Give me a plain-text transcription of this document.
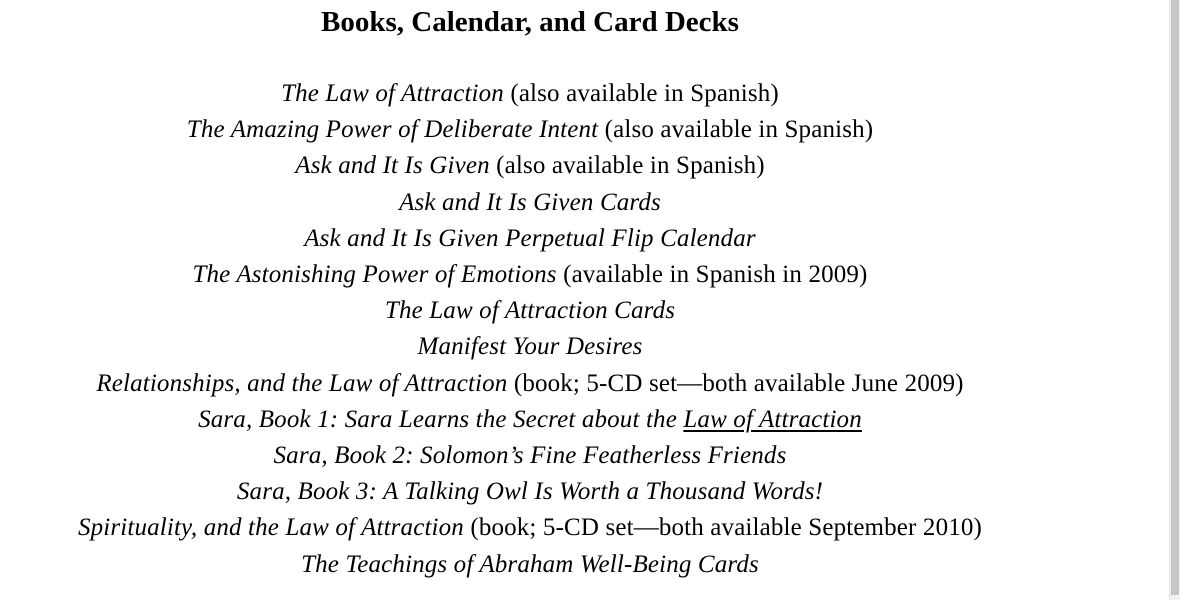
Books, Calendar, and Card Decks
The Law of Attraction (also available in Spanish)
The Amazing Power of Deliberate Intent (also available in Spanish)
Ask and It Is Given (also available in Spanish)
Ask and It Is Given Cards
Ask and It Is Given Perpetual Flip Calendar
The Astonishing Power of Emotions (available in Spanish in 2009)
The Law of Attraction Cards
Manifest Your Desires
Relationships, and the Law of Attraction (book; 5-CD set—both available June 2009)
Sara, Book 1: Sara Learns the Secret about the Law of Attraction
Sara, Book 2: Solomon’s Fine Featherless Friends
Sara, Book 3: A Talking Owl Is Worth a Thousand Words!
Spirituality, and the Law of Attraction (book; 5-CD set—both available September 2010)
The Teachings of Abraham Well-Being Cards
